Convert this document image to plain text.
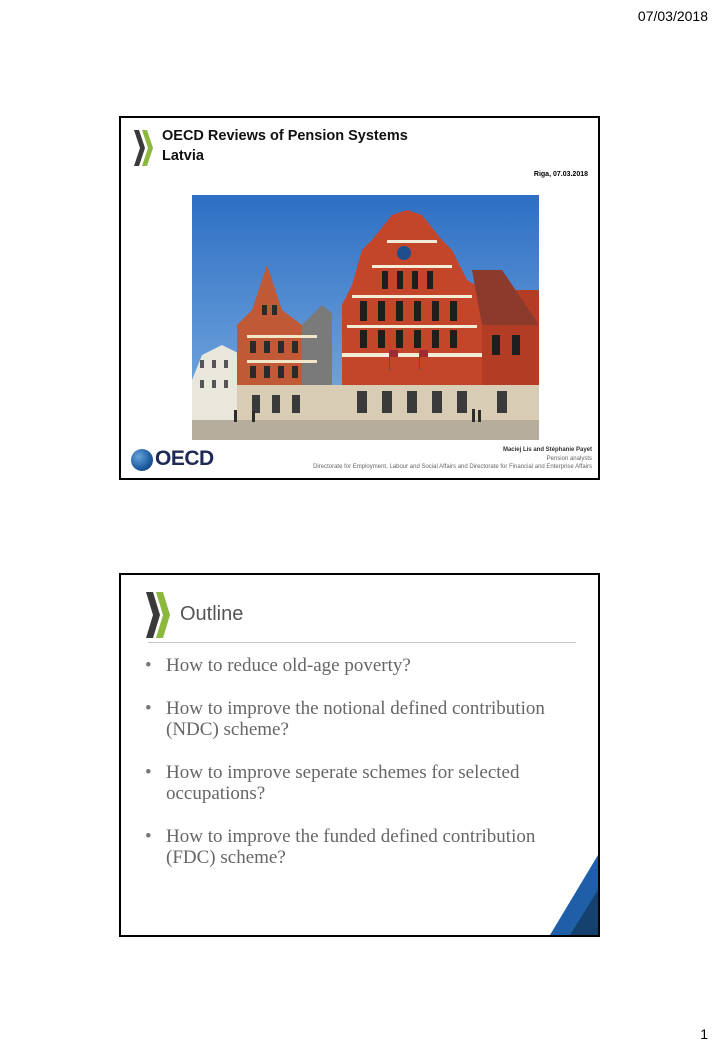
07/03/2018
OECD Reviews of Pension Systems
Latvia
Riga, 07.03.2018
OECD	Maciej Lis and Stéphanie Payet
Pension analysts
Directorate for Employment, Labour and Social Affairs and Directorate for Financial and Enterprise Affairs
Outline
• How to reduce old-age poverty?
• How to improve the notional defined contribution (NDC) scheme?
• How to improve seperate schemes for selected occupations?
• How to improve the funded defined contribution (FDC) scheme?
1
